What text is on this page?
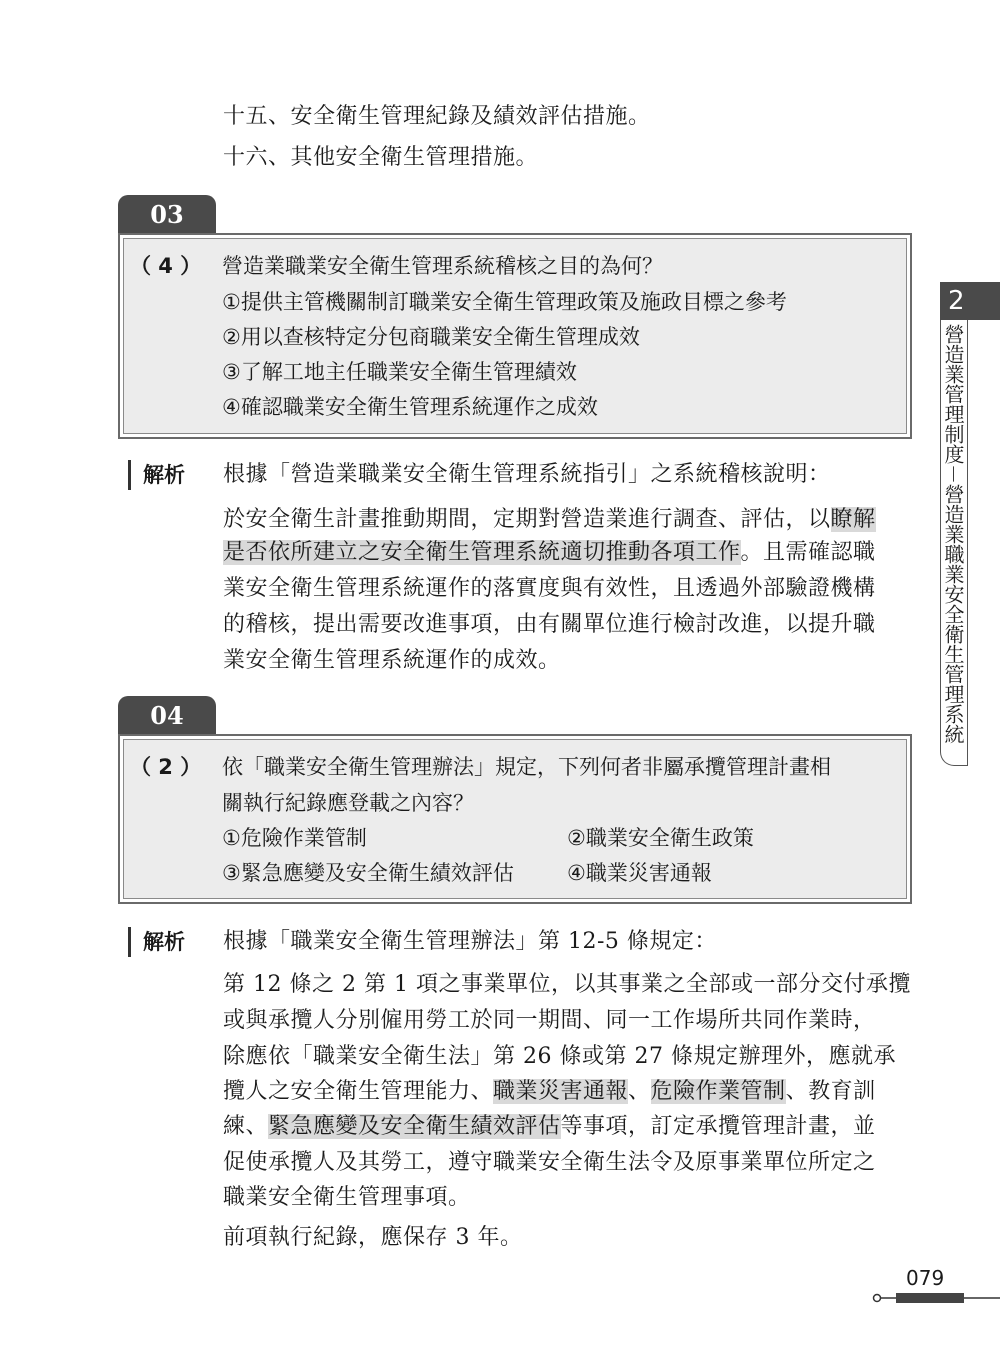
十五、安全衛生管理紀錄及績效評估措施。
十六、其他安全衛生管理措施。
03
（ 4 ） 營造業職業安全衛生管理系統稽核之目的為何？
①提供主管機關制訂職業安全衛生管理政策及施政目標之參考
②用以查核特定分包商職業安全衛生管理成效
③了解工地主任職業安全衛生管理績效
④確認職業安全衛生管理系統運作之成效
解析 根據「營造業職業安全衛生管理系統指引」之系統稽核說明：
於安全衛生計畫推動期間，定期對營造業進行調查、評估，以瞭解
是否依所建立之安全衛生管理系統適切推動各項工作。且需確認職
業安全衛生管理系統運作的落實度與有效性，且透過外部驗證機構
的稽核，提出需要改進事項，由有關單位進行檢討改進，以提升職
業安全衛生管理系統運作的成效。
04
（ 2 ） 依「職業安全衛生管理辦法」規定，下列何者非屬承攬管理計畫相
關執行紀錄應登載之內容？
①危險作業管制	②職業安全衛生政策
③緊急應變及安全衛生績效評估	④職業災害通報
解析 根據「職業安全衛生管理辦法」第 12-5 條規定：
第 12 條之 2 第 1 項之事業單位，以其事業之全部或一部分交付承攬
或與承攬人分別僱用勞工於同一期間、同一工作場所共同作業時，
除應依「職業安全衛生法」第 26 條或第 27 條規定辦理外，應就承
攬人之安全衛生管理能力、職業災害通報、危險作業管制、教育訓
練、緊急應變及安全衛生績效評估等事項，訂定承攬管理計畫，並
促使承攬人及其勞工，遵守職業安全衛生法令及原事業單位所定之
職業安全衛生管理事項。
前項執行紀錄，應保存 3 年。
2
營造業管理制度－營造業職業安全衛生管理系統
079
